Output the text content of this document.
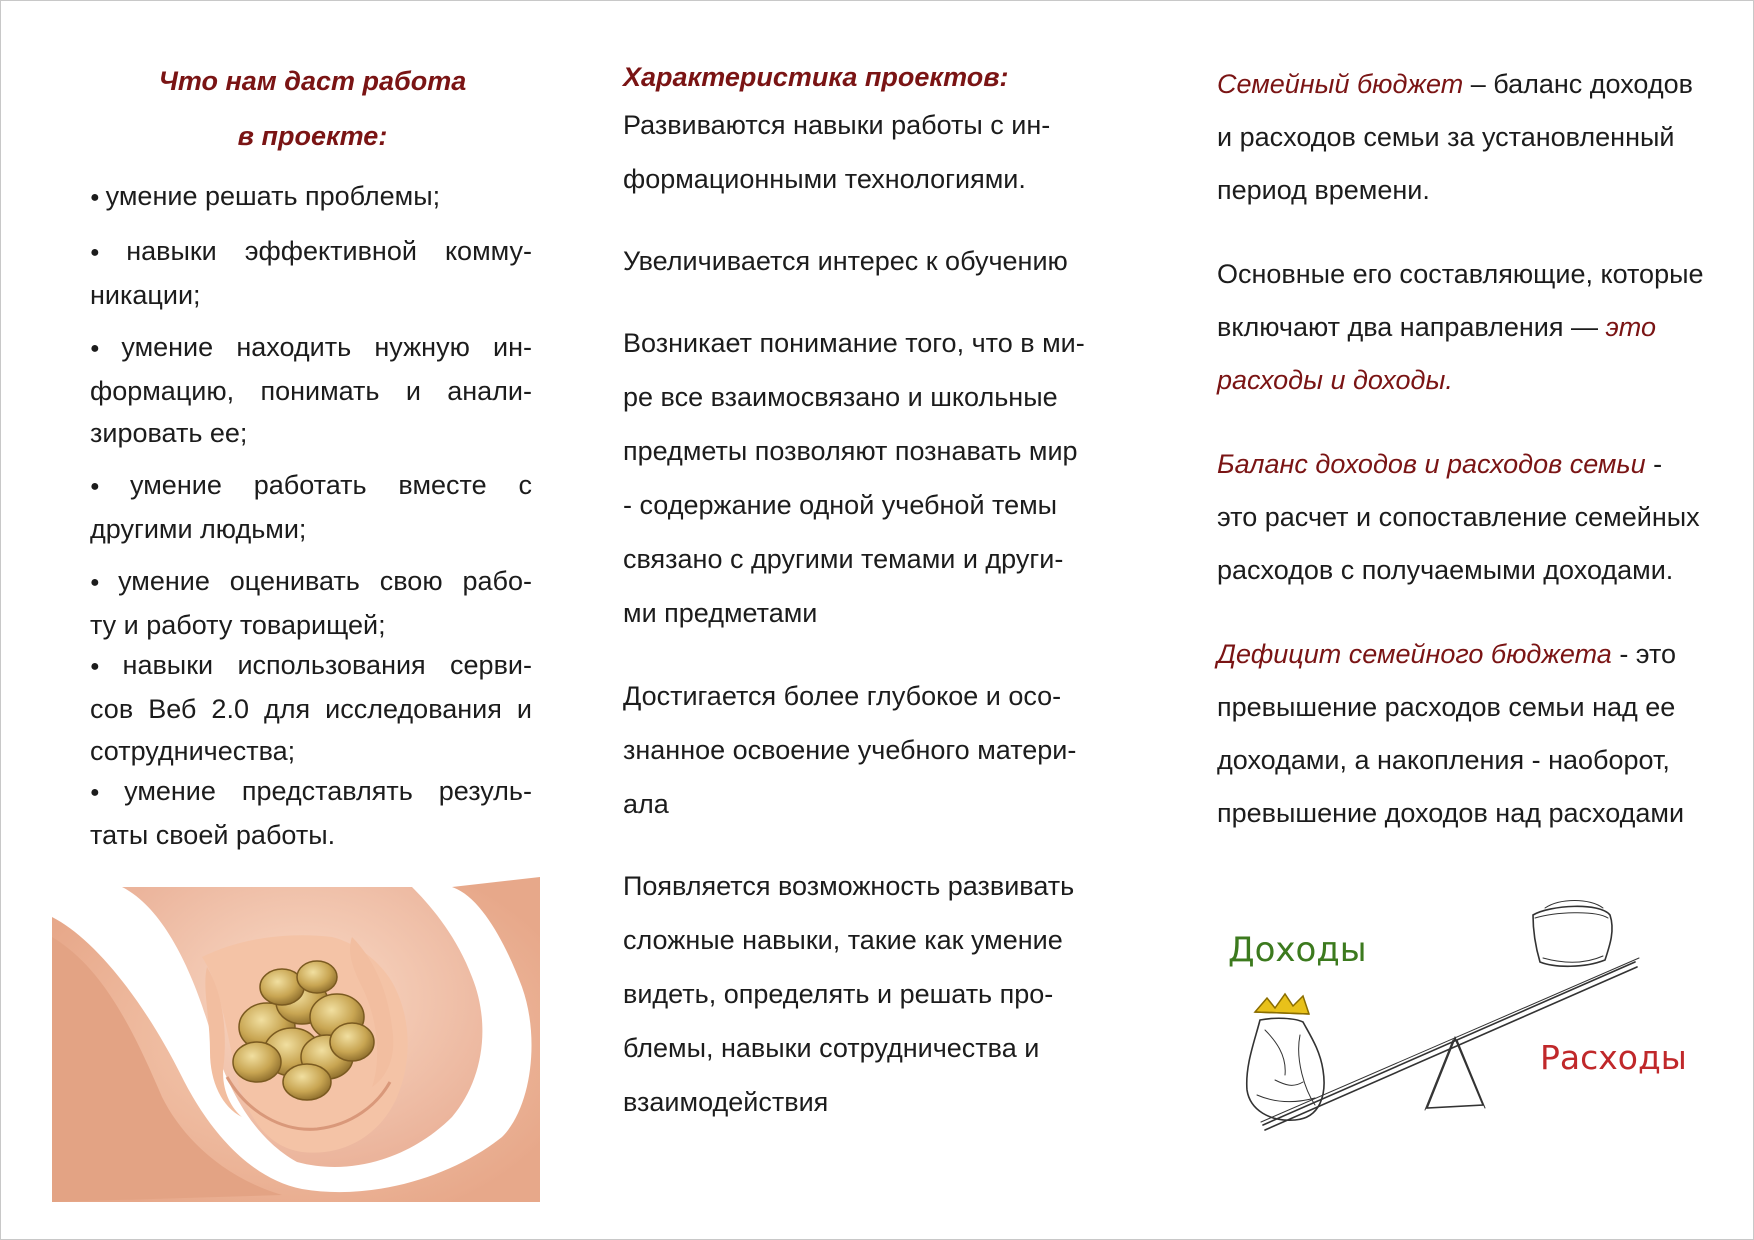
Что нам даст работа
в проекте:
● умение решать проблемы;
● навыки эффективной комму-
никации;
● умение находить нужную ин-
формацию, понимать и анали-
зировать ее;
● умение работать вместе с
другими людьми;
● умение оценивать свою рабо-
ту и работу товарищей;
● навыки использования серви-
сов Веб 2.0 для исследования и
сотрудничества;
● умение представлять резуль-
таты своей работы.
Характеристика проектов:
Развиваются навыки работы с ин-
формационными технологиями.
Увеличивается интерес к обучению
Возникает понимание того, что в ми-
ре все взаимосвязано и школьные
предметы позволяют познавать мир
- содержание одной учебной темы
связано с другими темами и други-
ми предметами
Достигается более глубокое и осо-
знанное освоение учебного матери-
ала
Появляется возможность развивать
сложные навыки, такие как умение
видеть, определять и решать про-
блемы, навыки сотрудничества и
взаимодействия
Семейный бюджет – баланс доходов
и расходов семьи за установленный
период времени.
Основные его составляющие, которые
включают два направления — это
расходы и доходы.
Баланс доходов и расходов семьи -
это расчет и сопоставление семейных
расходов с получаемыми доходами.
Дефицит семейного бюджета - это
превышение расходов семьи над ее
доходами, а накопления - наоборот,
превышение доходов над расходами
Доходы
Расходы
